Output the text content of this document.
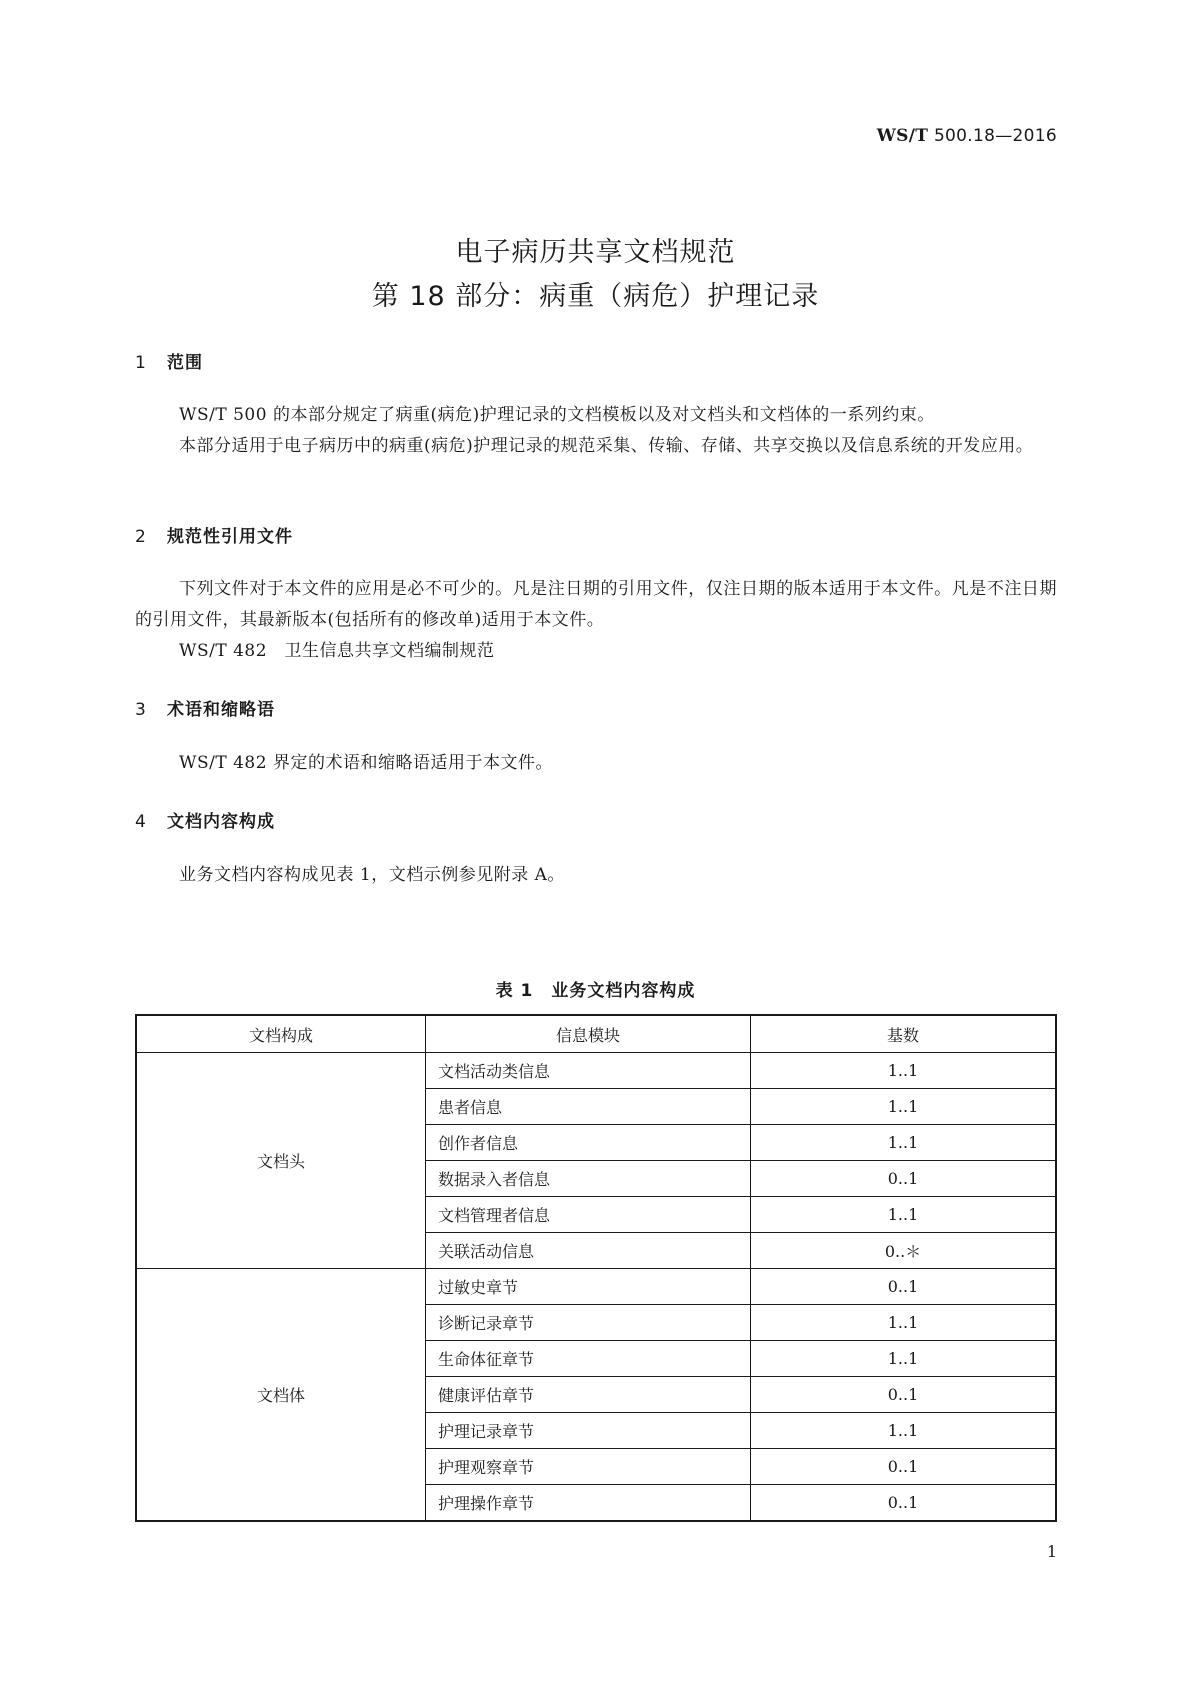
WS/T 500.18—2016
电子病历共享文档规范
第 18 部分：病重（病危）护理记录
1 范围
WS/T 500 的本部分规定了病重(病危)护理记录的文档模板以及对文档头和文档体的一系列约束。
本部分适用于电子病历中的病重(病危)护理记录的规范采集、传输、存储、共享交换以及信息系统的开发应用。
2 规范性引用文件
下列文件对于本文件的应用是必不可少的。凡是注日期的引用文件，仅注日期的版本适用于本文件。凡是不注日期的引用文件，其最新版本(包括所有的修改单)适用于本文件。
WS/T 482　卫生信息共享文档编制规范
3 术语和缩略语
WS/T 482 界定的术语和缩略语适用于本文件。
4 文档内容构成
业务文档内容构成见表 1，文档示例参见附录 A。
表 1　业务文档内容构成
文档构成	信息模块	基数
文档头	文档活动类信息	1..1
	患者信息	1..1
	创作者信息	1..1
	数据录入者信息	0..1
	文档管理者信息	1..1
	关联活动信息	0..＊
文档体	过敏史章节	0..1
	诊断记录章节	1..1
	生命体征章节	1..1
	健康评估章节	0..1
	护理记录章节	1..1
	护理观察章节	0..1
	护理操作章节	0..1
1
